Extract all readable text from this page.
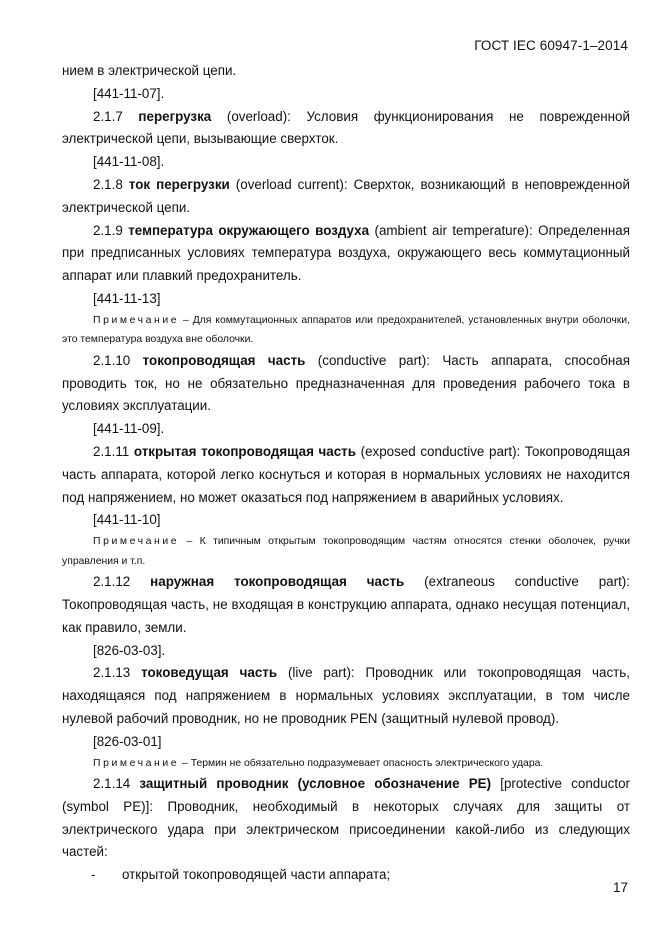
ГОСТ IEC 60947-1–2014

нием в электрической цепи.

[441-11-07].

2.1.7 перегрузка (overload): Условия функционирования не поврежденной электрической цепи, вызывающие сверхток.

[441-11-08].

2.1.8 ток перегрузки (overload current): Сверхток, возникающий в неповрежденной электрической цепи.

2.1.9 температура окружающего воздуха (ambient air temperature): Определенная при предписанных условиях температура воздуха, окружающего весь коммутационный аппарат или плавкий предохранитель.

[441-11-13]

Примечание – Для коммутационных аппаратов или предохранителей, установленных внутри оболочки, это температура воздуха вне оболочки.

2.1.10 токопроводящая часть (conductive part): Часть аппарата, способная проводить ток, но не обязательно предназначенная для проведения рабочего тока в условиях эксплуатации.

[441-11-09].

2.1.11 открытая токопроводящая часть (exposed conductive part): Токопроводящая часть аппарата, которой легко коснуться и которая в нормальных условиях не находится под напряжением, но может оказаться под напряжением в аварийных условиях.

[441-11-10]

Примечание – К типичным открытым токопроводящим частям относятся стенки оболочек, ручки управления и т.п.

2.1.12 наружная токопроводящая часть (extraneous conductive part): Токопроводящая часть, не входящая в конструкцию аппарата, однако несущая потенциал, как правило, земли.

[826-03-03].

2.1.13 токоведущая часть (live part): Проводник или токопроводящая часть, находящаяся под напряжением в нормальных условиях эксплуатации, в том числе нулевой рабочий проводник, но не проводник PEN (защитный нулевой провод).

[826-03-01]

Примечание – Термин не обязательно подразумевает опасность электрического удара.

2.1.14 защитный проводник (условное обозначение PE) [protective conductor (symbol PE)]: Проводник, необходимый в некоторых случаях для защиты от электрического удара при электрическом присоединении какой-либо из следующих частей:

-	открытой токопроводящей части аппарата;

17
